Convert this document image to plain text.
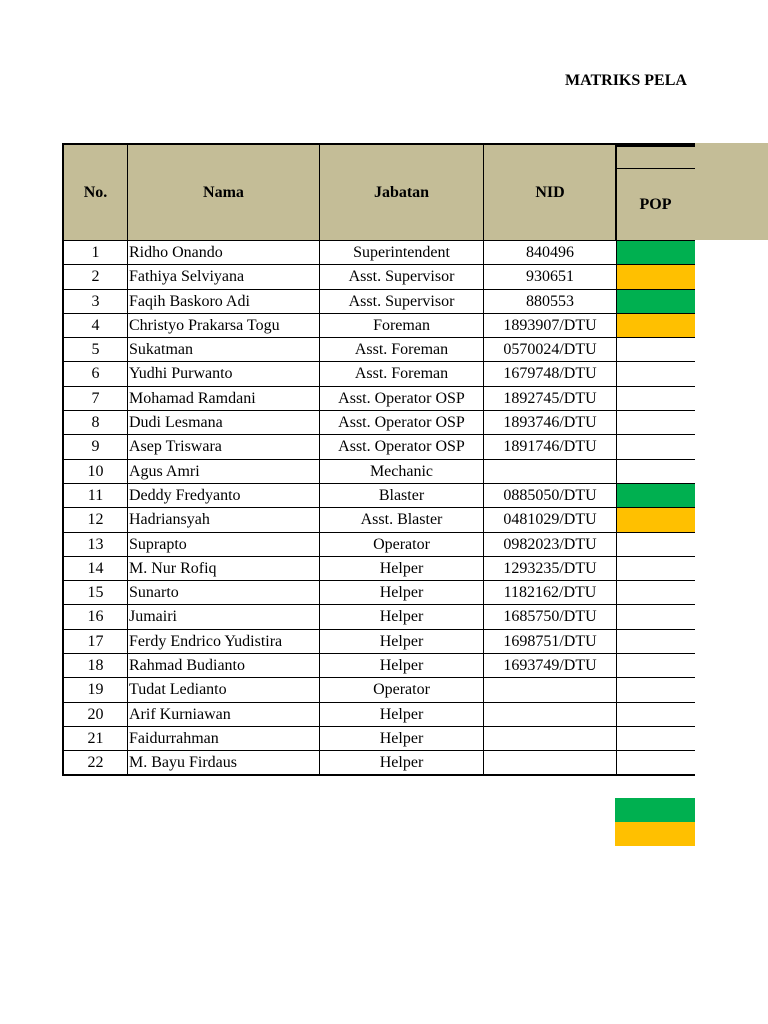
MATRIKS PELA
No.	Nama	Jabatan	NID
POP
1	Ridho Onando	Superintendent	840496
2	Fathiya Selviyana	Asst. Supervisor	930651
3	Faqih Baskoro Adi	Asst. Supervisor	880553
4	Christyo Prakarsa Togu	Foreman	1893907/DTU
5	Sukatman	Asst. Foreman	0570024/DTU
6	Yudhi Purwanto	Asst. Foreman	1679748/DTU
7	Mohamad Ramdani	Asst. Operator OSP	1892745/DTU
8	Dudi Lesmana	Asst. Operator OSP	1893746/DTU
9	Asep Triswara	Asst. Operator OSP	1891746/DTU
10	Agus Amri	Mechanic
11	Deddy Fredyanto	Blaster	0885050/DTU
12	Hadriansyah	Asst. Blaster	0481029/DTU
13	Suprapto	Operator	0982023/DTU
14	M. Nur Rofiq	Helper	1293235/DTU
15	Sunarto	Helper	1182162/DTU
16	Jumairi	Helper	1685750/DTU
17	Ferdy Endrico Yudistira	Helper	1698751/DTU
18	Rahmad Budianto	Helper	1693749/DTU
19	Tudat Ledianto	Operator
20	Arif Kurniawan	Helper
21	Faidurrahman	Helper
22	M. Bayu Firdaus	Helper
